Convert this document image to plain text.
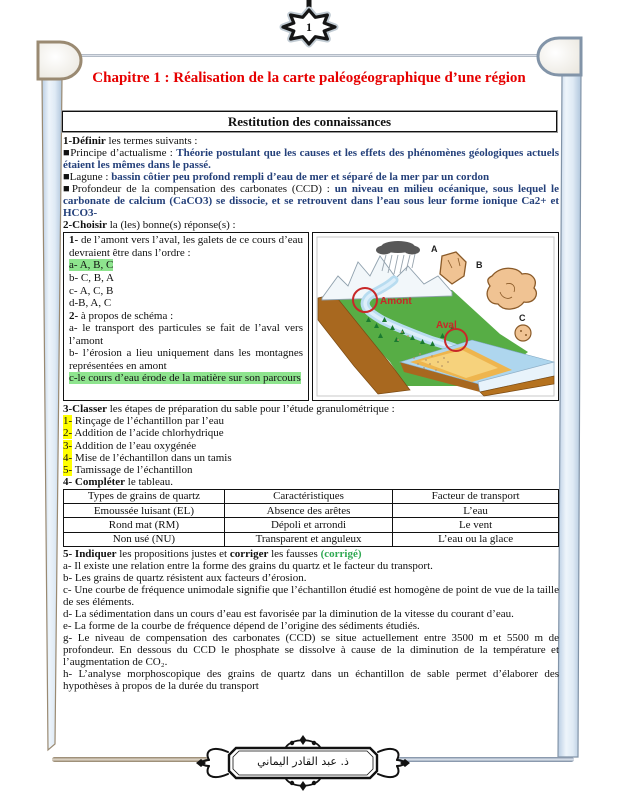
1
Chapitre 1 : Réalisation de la carte paléogéographique d’une région
Restitution des connaissances

1-Définir les termes suivants :

■Principe d’actualisme : Théorie postulant que les causes et les effets des phénomènes géologiques actuels étaient les mêmes dans le passé.

■Lagune : bassin côtier peu profond rempli d’eau de mer et séparé de la mer par un cordon

■Profondeur de la compensation des carbonates (CCD) : un niveau en milieu océanique, sous lequel le carbonate de calcium (CaCO3) se dissocie, et se retrouvent dans l’eau sous leur forme ionique Ca2+ et HCO3-

2-Choisir la (les) bonne(s) réponse(s) :

1- de l’amont vers l’aval, les galets de ce cours d’eau devraient être dans l’ordre :

a- A, B, C

b- C, B, A

c- A, C, B

d-B, A, C

2- à propos de schéma :

a- le transport des particules se fait de l’aval vers l’amont

b- l’érosion a lieu uniquement dans les montagnes représentées en amont

c-le cours d’eau érode de la matière sur son parcours

Amont
Aval
A
B
C

3-Classer les étapes de préparation du sable pour l’étude granulométrique :

1- Rinçage de l’échantillon par l’eau

2- Addition de l’acide chlorhydrique

3- Addition de l’eau oxygénée

4- Mise de l’échantillon dans un tamis

5- Tamissage de l’échantillon

4- Compléter le tableau.

Types de grains de quartz	Caractéristiques	Facteur de transport
Emoussée luisant (EL)	Absence des arêtes	L’eau
Rond mat (RM)	Dépoli et arrondi	Le vent
Non usé (NU)	Transparent et anguleux	L’eau ou la glace

5- Indiquer les propositions justes et corriger les fausses (corrigé)

a- Il existe une relation entre la forme des grains du quartz et le facteur du transport.

b- Les grains de quartz résistent aux facteurs d’érosion.

c- Une courbe de fréquence unimodale signifie que l’échantillon étudié est homogène de point de vue de la taille de ses éléments.

d- La sédimentation dans un cours d’eau est favorisée par la diminution de la vitesse du courant d’eau.

e- La forme de la courbe de fréquence dépend de l’origine des sédiments étudiés.

g- Le niveau de compensation des carbonates (CCD) se situe actuellement entre 3500 m et 5500 m de profondeur. En dessous du CCD le phosphate se dissolve à cause de la diminution de la température et l’augmentation de CO₂.

h- L’analyse morphoscopique des grains de quartz dans un échantillon de sable permet d’élaborer des hypothèses à propos de la durée du transport

ذ. عبد القادر اليماني
